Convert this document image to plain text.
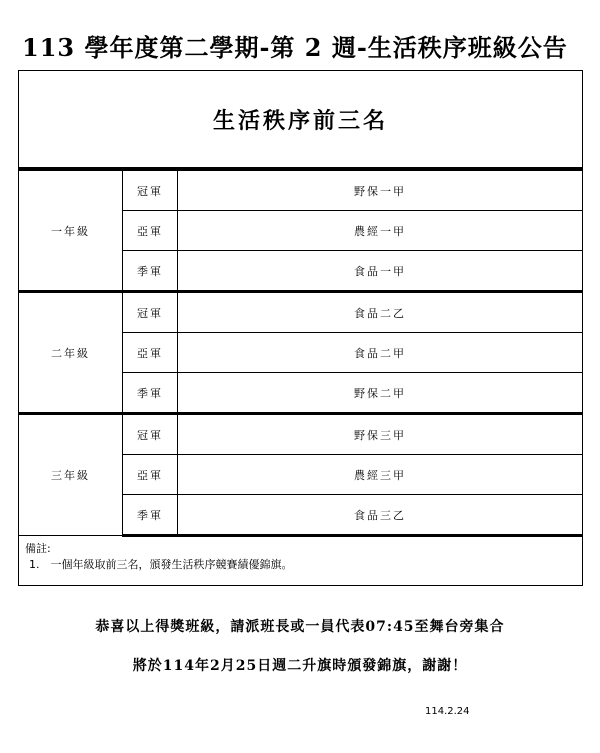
113 學年度第二學期-第 2 週-生活秩序班級公告
生活秩序前三名
一年級	冠軍	野保一甲
	亞軍	農經一甲
	季軍	食品一甲
二年級	冠軍	食品二乙
	亞軍	食品二甲
	季軍	野保二甲
三年級	冠軍	野保三甲
	亞軍	農經三甲
	季軍	食品三乙
備註:
1.　一個年級取前三名，頒發生活秩序競賽績優錦旗。
恭喜以上得獎班級，請派班長或一員代表07:45至舞台旁集合
將於114年2月25日週二升旗時頒發錦旗，謝謝！
114.2.24
